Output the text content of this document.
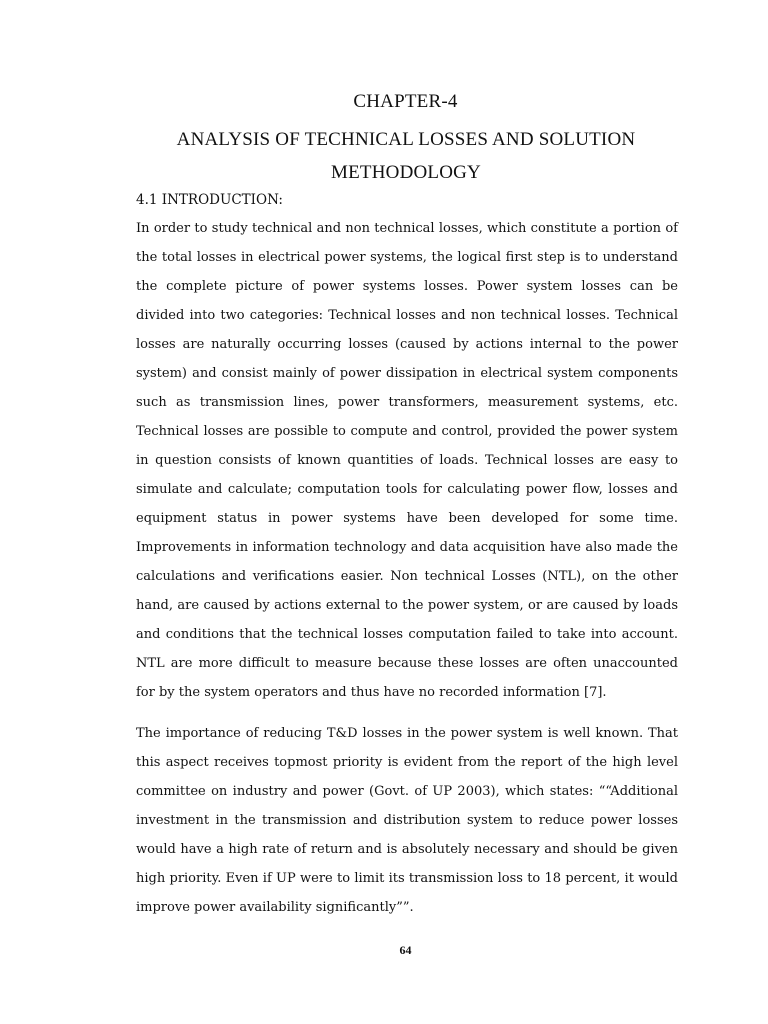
CHAPTER-4
ANALYSIS OF TECHNICAL LOSSES AND SOLUTION METHODOLOGY
4.1 INTRODUCTION:

In order to study technical and non technical losses, which constitute a portion of the total losses in electrical power systems, the logical first step is to understand the complete picture of power systems losses. Power system losses can be divided into two categories: Technical losses and non technical losses. Technical losses are naturally occurring losses (caused by actions internal to the power system) and consist mainly of power dissipation in electrical system components such as transmission lines, power transformers, measurement systems, etc. Technical losses are possible to compute and control, provided the power system in question consists of known quantities of loads. Technical losses are easy to simulate and calculate; computation tools for calculating power flow, losses and equipment status in power systems have been developed for some time. Improvements in information technology and data acquisition have also made the calculations and verifications easier. Non technical Losses (NTL), on the other hand, are caused by actions external to the power system, or are caused by loads and conditions that the technical losses computation failed to take into account. NTL are more difficult to measure because these losses are often unaccounted for by the system operators and thus have no recorded information [7].

The importance of reducing T&D losses in the power system is well known. That this aspect receives topmost priority is evident from the report of the high level committee on industry and power (Govt. of UP 2003), which states: ““Additional investment in the transmission and distribution system to reduce power losses would have a high rate of return and is absolutely necessary and should be given high priority. Even if UP were to limit its transmission loss to 18 percent, it would improve power availability significantly””.

64
